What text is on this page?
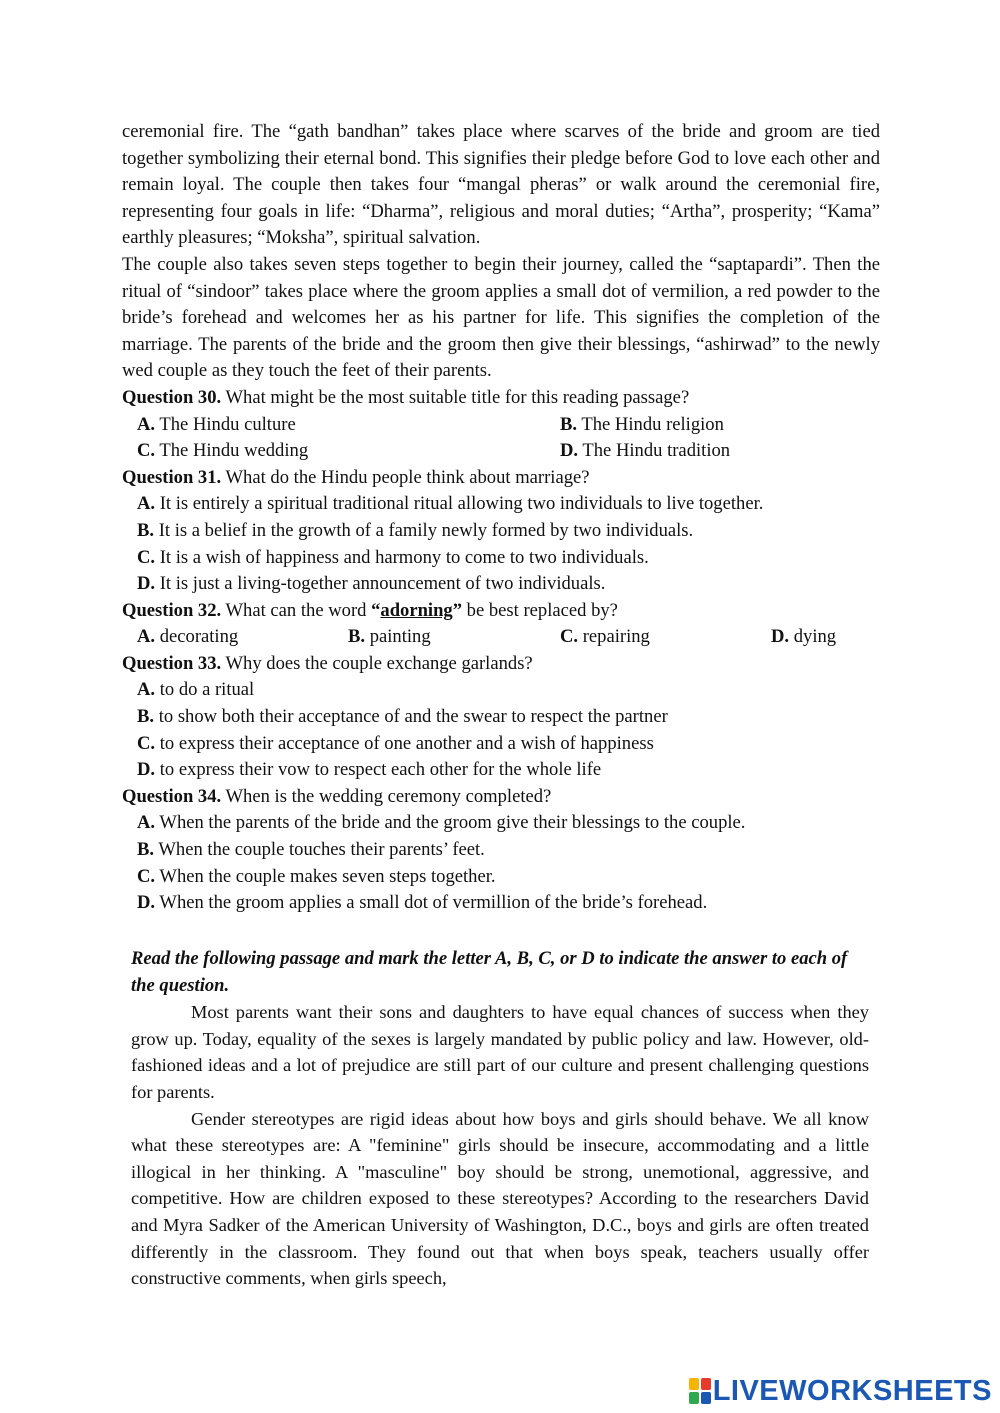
ceremonial fire. The “gath bandhan” takes place where scarves of the bride and groom are tied together symbolizing their eternal bond. This signifies their pledge before God to love each other and remain loyal. The couple then takes four “mangal pheras” or walk around the ceremonial fire, representing four goals in life: “Dharma”, religious and moral duties; “Artha”, prosperity; “Kama” earthly pleasures; “Moksha”, spiritual salvation.

The couple also takes seven steps together to begin their journey, called the “saptapardi”. Then the ritual of “sindoor” takes place where the groom applies a small dot of vermilion, a red powder to the bride’s forehead and welcomes her as his partner for life. This signifies the completion of the marriage. The parents of the bride and the groom then give their blessings, “ashirwad” to the newly wed couple as they touch the feet of their parents.

Question 30. What might be the most suitable title for this reading passage?

A. The Hindu culture	B. The Hindu religion
C. The Hindu wedding	D. The Hindu tradition

Question 31. What do the Hindu people think about marriage?

A. It is entirely a spiritual traditional ritual allowing two individuals to live together.

B. It is a belief in the growth of a family newly formed by two individuals.

C. It is a wish of happiness and harmony to come to two individuals.

D. It is just a living-together announcement of two individuals.

Question 32. What can the word “adorning” be best replaced by?

A. decorating	B. painting	C. repairing	D. dying

Question 33. Why does the couple exchange garlands?

A. to do a ritual

B. to show both their acceptance of and the swear to respect the partner

C. to express their acceptance of one another and a wish of happiness

D. to express their vow to respect each other for the whole life

Question 34. When is the wedding ceremony completed?

A. When the parents of the bride and the groom give their blessings to the couple.

B. When the couple touches their parents’ feet.

C. When the couple makes seven steps together.

D. When the groom applies a small dot of vermillion of the bride’s forehead.

Read the following passage and mark the letter A, B, C, or D to indicate the answer to each of the question.

Most parents want their sons and daughters to have equal chances of success when they grow up. Today, equality of the sexes is largely mandated by public policy and law. However, old- fashioned ideas and a lot of prejudice are still part of our culture and present challenging questions for parents.

Gender stereotypes are rigid ideas about how boys and girls should behave. We all know what these stereotypes are: A "feminine" girls should be insecure, accommodating and a little illogical in her thinking. A "masculine" boy should be strong, unemotional, aggressive, and competitive. How are children exposed to these stereotypes? According to the researchers David and Myra Sadker of the American University of Washington, D.C., boys and girls are often treated differently in the classroom. They found out that when boys speak, teachers usually offer constructive comments, when girls speech,

LIVEWORKSHEETS
